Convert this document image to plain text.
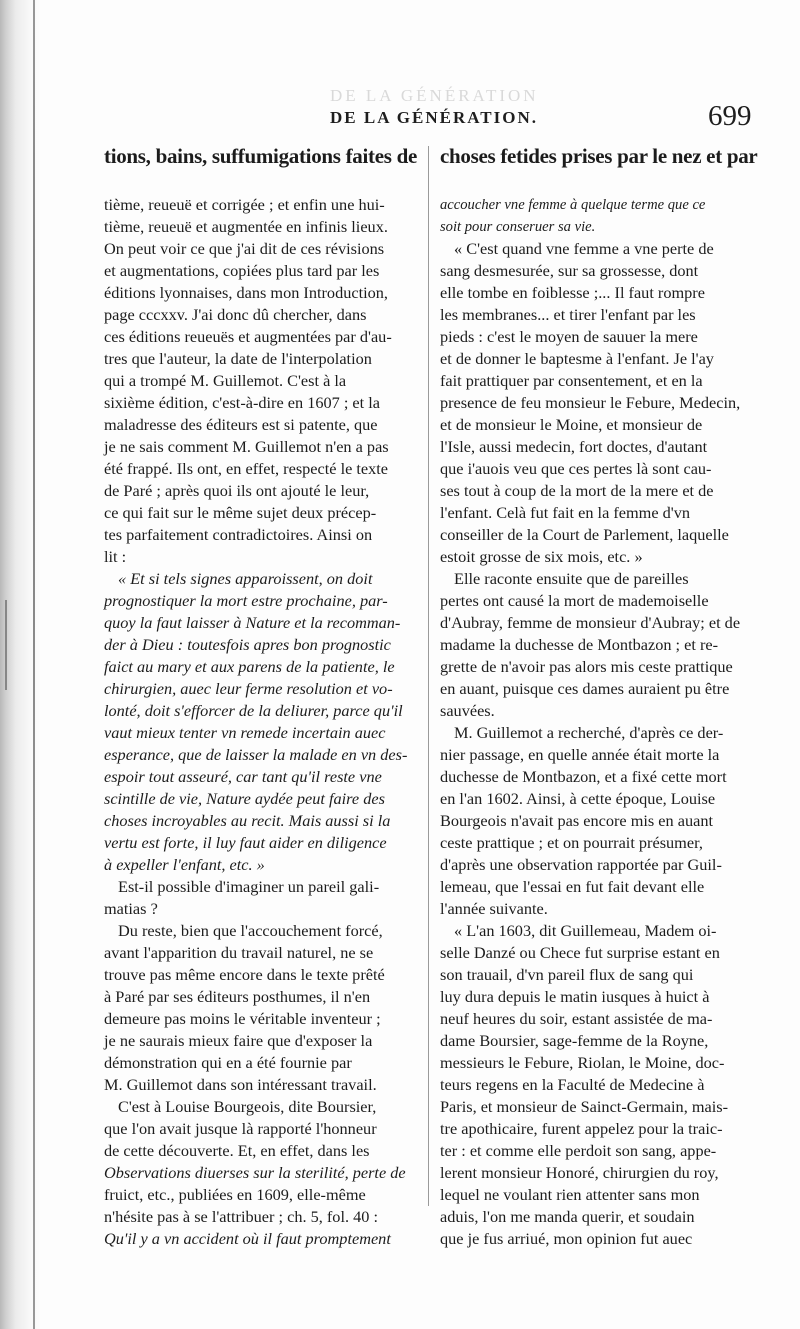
DE LA GÉNÉRATION
DE LA GÉNÉRATION.	699
tions, bains, suffumigations faites de
tième, reueuë et corrigée ; et enfin une hui-
tième, reueuë et augmentée en infinis lieux.
On peut voir ce que j'ai dit de ces révisions
et augmentations, copiées plus tard par les
éditions lyonnaises, dans mon Introduction,
page cccxxv. J'ai donc dû chercher, dans
ces éditions reueuës et augmentées par d'au-
tres que l'auteur, la date de l'interpolation
qui a trompé M. Guillemot. C'est à la
sixième édition, c'est-à-dire en 1607 ; et la
maladresse des éditeurs est si patente, que
je ne sais comment M. Guillemot n'en a pas
été frappé. Ils ont, en effet, respecté le texte
de Paré ; après quoi ils ont ajouté le leur,
ce qui fait sur le même sujet deux précep-
tes parfaitement contradictoires. Ainsi on
lit :
« Et si tels signes apparoissent, on doit
prognostiquer la mort estre prochaine, par-
quoy la faut laisser à Nature et la recomman-
der à Dieu : toutesfois apres bon prognostic
faict au mary et aux parens de la patiente, le
chirurgien, auec leur ferme resolution et vo-
lonté, doit s'efforcer de la deliurer, parce qu'il
vaut mieux tenter vn remede incertain auec
esperance, que de laisser la malade en vn des-
espoir tout asseuré, car tant qu'il reste vne
scintille de vie, Nature aydée peut faire des
choses incroyables au recit. Mais aussi si la
vertu est forte, il luy faut aider en diligence
à expeller l'enfant, etc. »
Est-il possible d'imaginer un pareil gali-
matias ?
Du reste, bien que l'accouchement forcé,
avant l'apparition du travail naturel, ne se
trouve pas même encore dans le texte prêté
à Paré par ses éditeurs posthumes, il n'en
demeure pas moins le véritable inventeur ;
je ne saurais mieux faire que d'exposer la
démonstration qui en a été fournie par
M. Guillemot dans son intéressant travail.
C'est à Louise Bourgeois, dite Boursier,
que l'on avait jusque là rapporté l'honneur
de cette découverte. Et, en effet, dans les
Observations diuerses sur la sterilité, perte de
fruict, etc., publiées en 1609, elle-même
n'hésite pas à se l'attribuer ; ch. 5, fol. 40 :
Qu'il y a vn accident où il faut promptement
choses fetides prises par le nez et par
accoucher vne femme à quelque terme que ce
soit pour conseruer sa vie.
« C'est quand vne femme a vne perte de
sang desmesurée, sur sa grossesse, dont
elle tombe en foiblesse ;... Il faut rompre
les membranes... et tirer l'enfant par les
pieds : c'est le moyen de sauuer la mere
et de donner le baptesme à l'enfant. Je l'ay
fait prattiquer par consentement, et en la
presence de feu monsieur le Febure, Medecin,
et de monsieur le Moine, et monsieur de
l'Isle, aussi medecin, fort doctes, d'autant
que i'auois veu que ces pertes là sont cau-
ses tout à coup de la mort de la mere et de
l'enfant. Celà fut fait en la femme d'vn
conseiller de la Court de Parlement, laquelle
estoit grosse de six mois, etc. »
Elle raconte ensuite que de pareilles
pertes ont causé la mort de mademoiselle
d'Aubray, femme de monsieur d'Aubray; et de
madame la duchesse de Montbazon ; et re-
grette de n'avoir pas alors mis ceste prattique
en auant, puisque ces dames auraient pu être
sauvées.
M. Guillemot a recherché, d'après ce der-
nier passage, en quelle année était morte la
duchesse de Montbazon, et a fixé cette mort
en l'an 1602. Ainsi, à cette époque, Louise
Bourgeois n'avait pas encore mis en auant
ceste prattique ; et on pourrait présumer,
d'après une observation rapportée par Guil-
lemeau, que l'essai en fut fait devant elle
l'année suivante.
« L'an 1603, dit Guillemeau, Madem oi-
selle Danzé ou Chece fut surprise estant en
son trauail, d'vn pareil flux de sang qui
luy dura depuis le matin iusques à huict à
neuf heures du soir, estant assistée de ma-
dame Boursier, sage-femme de la Royne,
messieurs le Febure, Riolan, le Moine, doc-
teurs regens en la Faculté de Medecine à
Paris, et monsieur de Sainct-Germain, mais-
tre apothicaire, furent appelez pour la traic-
ter : et comme elle perdoit son sang, appe-
lerent monsieur Honoré, chirurgien du roy,
lequel ne voulant rien attenter sans mon
aduis, l'on me manda querir, et soudain
que je fus arriué, mon opinion fut auec
